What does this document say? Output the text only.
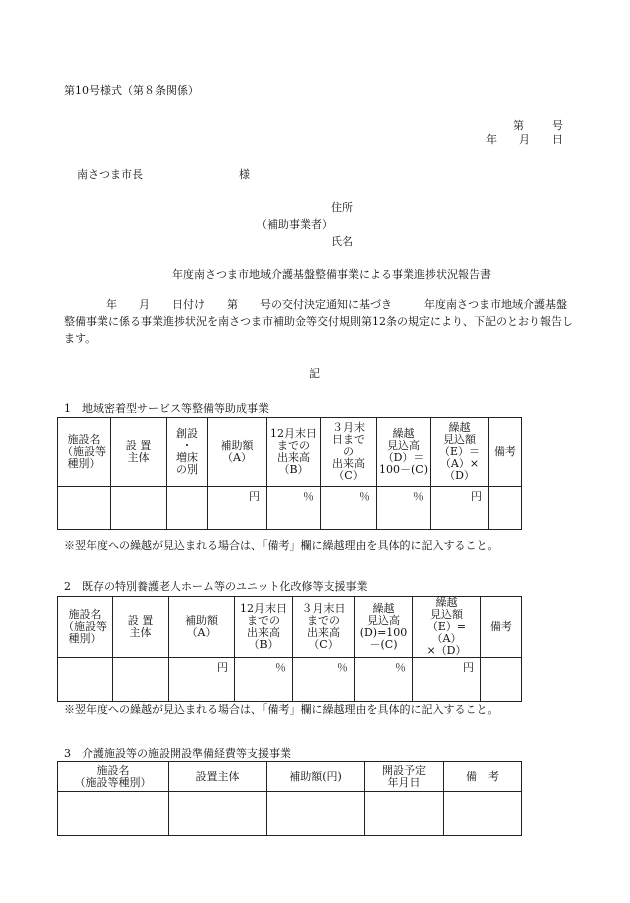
第10号様式（第８条関係）
第	号
年 月 日
南さつま市長	様
住所
（補助事業者）
氏名
年度南さつま市地域介護基盤整備事業による事業進捗状況報告書
年 月 日付け 第 号の交付決定通知に基づき	年度南さつま市地域介護基盤整備事業に係る事業進捗状況を南さつま市補助金等交付規則第12条の規定により、下記のとおり報告します。
記
1　地域密着型サービス等整備等助成事業
施設名
（施設等
種別）	設 置
主体	創設
・
増床
の別	補助額
（A）	12月末日
までの
出来高
（B）	３月末
日まで
の
出来高
（C）	繰越
見込高
（D）＝
100－(C)	繰越
見込額
（E）＝
（A）×
（D）	備考
			円	％	％	％	円	
※翌年度への繰越が見込まれる場合は、「備考」欄に繰越理由を具体的に記入すること。
2　既存の特別養護老人ホーム等のユニット化改修等支援事業
施設名
（施設等
種別）	設 置
主体	補助額
（A）	12月末日
までの
出来高
（B）	３月末日
までの
出来高
（C）	繰越
見込高
(D)=100
－(C)	繰越
見込額
（E）=（A）
×（D）	備考
		円	％	％	％	円	
※翌年度への繰越が見込まれる場合は、「備考」欄に繰越理由を具体的に記入すること。
3　介護施設等の施設開設準備経費等支援事業
施設名
（施設等種別）	設置主体	補助額(円)	開設予定
年月日	備　考
